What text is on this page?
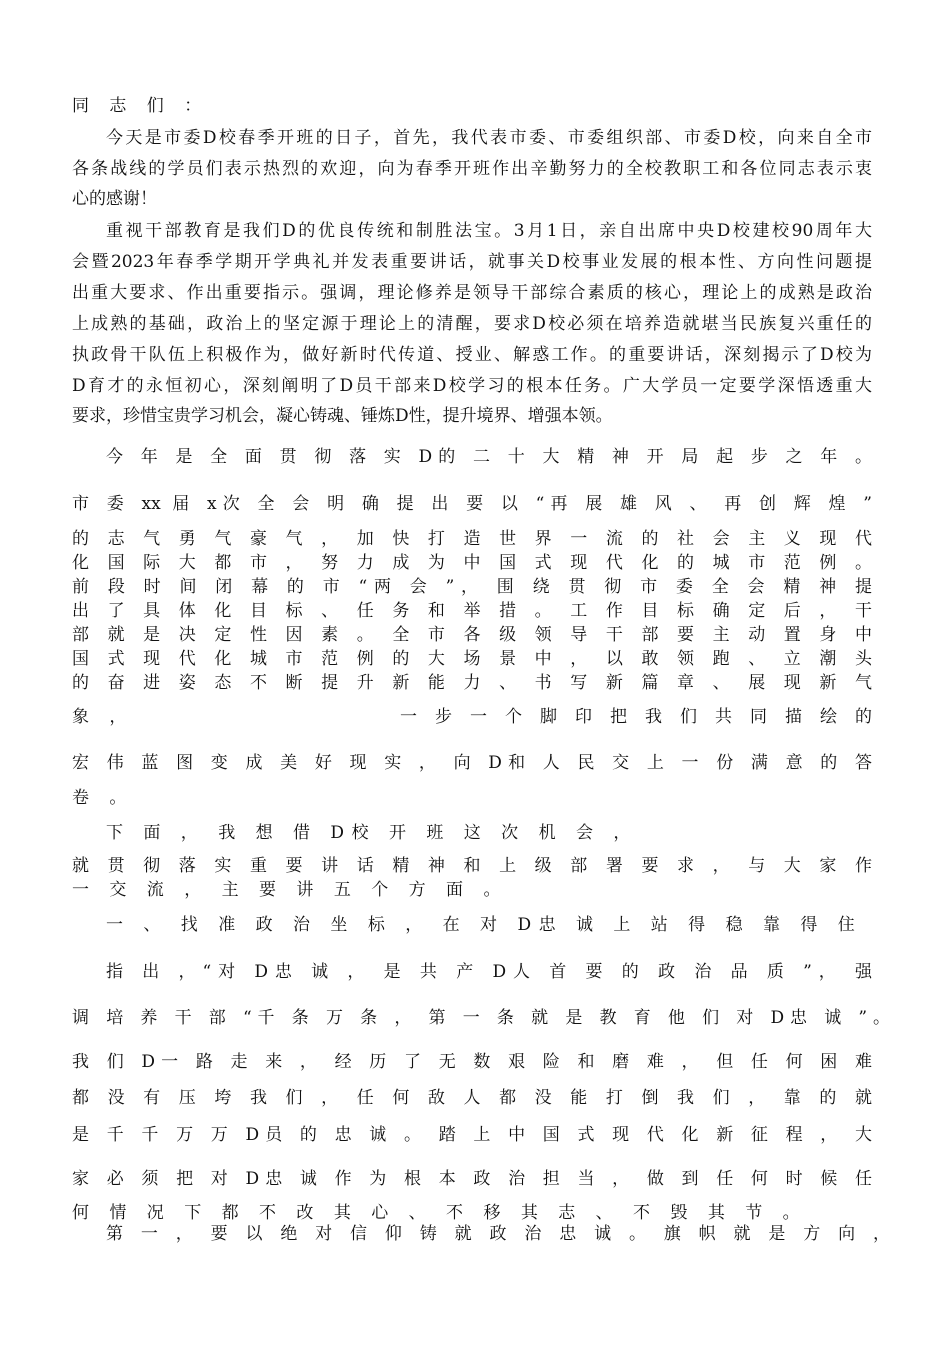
同 志 们 ：

今天是市委D校春季开班的日子，首先，我代表市委、市委组织部、市委D校，向来自全市

各条战线的学员们表示热烈的欢迎，向为春季开班作出辛勤努力的全校教职工和各位同志表示衷

心的感谢！

重视干部教育是我们D的优良传统和制胜法宝。3月1日，亲自出席中央D校建校90周年大

会暨2023年春季学期开学典礼并发表重要讲话，就事关D校事业发展的根本性、方向性问题提

出重大要求、作出重要指示。强调，理论修养是领导干部综合素质的核心，理论上的成熟是政治

上成熟的基础，政治上的坚定源于理论上的清醒，要求D校必须在培养造就堪当民族复兴重任的

执政骨干队伍上积极作为，做好新时代传道、授业、解惑工作。的重要讲话，深刻揭示了D校为

D育才的永恒初心，深刻阐明了D员干部来D校学习的根本任务。广大学员一定要学深悟透重大

要求，珍惜宝贵学习机会，凝心铸魂、锤炼D性，提升境界、增强本领。

今 年 是 全 面 贯 彻 落 实 D的 二 十 大 精 神 开 局 起 步 之 年 。

市 委 xx 届 x次 全 会 明 确 提 出 要 以 “再 展 雄 风 、 再 创 辉 煌 ”

的 志 气 勇 气 豪 气 ， 加 快 打 造 世 界 一 流 的 社 会 主 义 现 代

化 国 际 大 都 市 ， 努 力 成 为 中 国 式 现 代 化 的 城 市 范 例 。

前 段 时 间 闭 幕 的 市 “两 会 ”， 围 绕 贯 彻 市 委 全 会 精 神 提

出 了 具 体 化 目 标 、 任 务 和 举 措 。 工 作 目 标 确 定 后 ， 干

部 就 是 决 定 性 因 素 。 全 市 各 级 领 导 干 部 要 主 动 置 身 中

国 式 现 代 化 城 市 范 例 的 大 场 景 中 ， 以 敢 领 跑 、 立 潮 头

的 奋 进 姿 态 不 断 提 升 新 能 力 、 书 写 新 篇 章 、 展 现 新 气

象 ，	一 步 一 个 脚 印 把 我 们 共 同 描 绘 的

宏 伟 蓝 图 变 成 美 好 现 实 ， 向 D和 人 民 交 上 一 份 满 意 的 答

卷 。

下 面 ， 我 想 借 D校 开 班 这 次 机 会 ，

就 贯 彻 落 实 重 要 讲 话 精 神 和 上 级 部 署 要 求 ， 与 大 家 作

一 交 流 ， 主 要 讲 五 个 方 面 。

一 、 找 准 政 治 坐 标 ， 在 对 D忠 诚 上 站 得 稳 靠 得 住

指 出 ，“对 D忠 诚 ， 是 共 产 D人 首 要 的 政 治 品 质 ”， 强

调 培 养 干 部 “千 条 万 条 ， 第 一 条 就 是 教 育 他 们 对 D忠 诚 ”。

我 们 D一 路 走 来 ， 经 历 了 无 数 艰 险 和 磨 难 ， 但 任 何 困 难

都 没 有 压 垮 我 们 ， 任 何 敌 人 都 没 能 打 倒 我 们 ， 靠 的 就

是 千 千 万 万 D员 的 忠 诚 。 踏 上 中 国 式 现 代 化 新 征 程 ， 大

家 必 须 把 对 D忠 诚 作 为 根 本 政 治 担 当 ， 做 到 任 何 时 候 任

何 情 况 下 都 不 改 其 心 、 不 移 其 志 、 不 毁 其 节 。

第 一 ， 要 以 绝 对 信 仰 铸 就 政 治 忠 诚 。 旗 帜 就 是 方 向 ，
